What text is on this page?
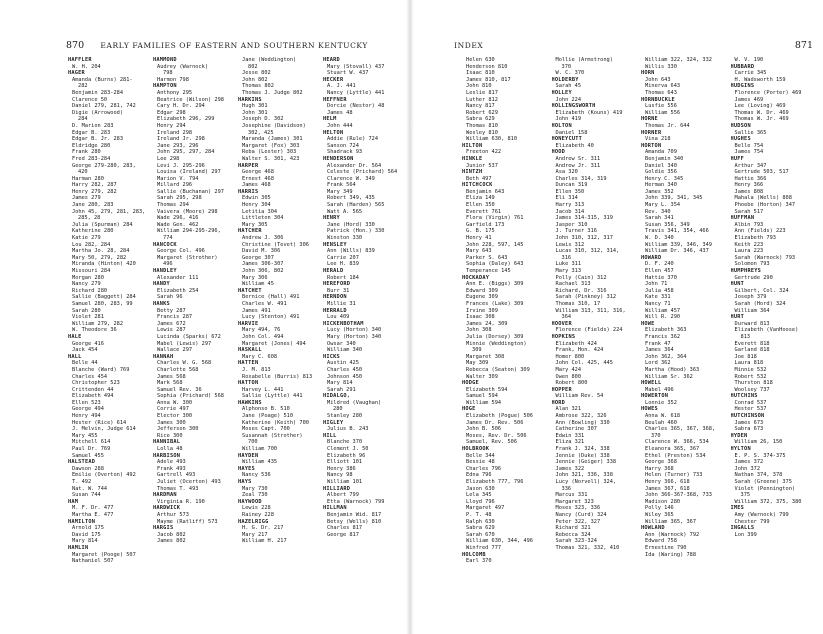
870 EARLY FAMILIES OF EASTERN AND SOUTHERN KENTUCKY
HAFFLER
W. H. 204
HAGER
Amanda (Burns) 281-
282
Benjamin 283-284
Clarence 50
Daniel 279, 281, 742
Digie (Arrowood)
284
D. Marion 283
Edgar B. 283
Edgar B. Jr. 283
Eldridge 280
Frank 280
Fred 283-284
George 279-280, 283,
420
Harman 280
Harry 282, 287
Henry 279, 282
James 279
Jane 280, 283
John 45, 279, 281, 283,
285, 28
Julia (Spurman) 284
Katherine 280
Katie 279
Lou 282, 284
Martha Jo. 28, 284
Mary 50, 279, 282
Miranda (Hinton) 420
Missouri 284
Morgan 280
Nancy 279
Richard 280
Sallie (Baggett) 284
Samuel 280, 283, 99
Sarah 280
Violet 281
William 279, 282
W. Theodore 36
HALE
George 416
Jack 454
HALL
Belle 44
Blanche (Ward) 769
Charles 454
Christopher 523
Crittenden 44
Elizabeth 494
Ellen 523
George 494
Henry 494
Hester (Rice) 614
J. Melvin, Judge 614
Mary 455
Mitchell 614
Paul Dr. 769
Samuel 455
HALSTEAD
Dawson 288
Emilie (Overton) 492
T. 492
Nat. W. 744
Susan 744
HAM
M. F. Dr. 477
Martha E. 477
HAMILTON
Arnold 175
David 175
Mary 814
HAMLIN
Margaret (Pooge) 507
Nathaniel 507
HAMMOND
Audrey (Warnock)
798
Harmon 798
HAMPTON
Anthony 295
Beatrice (Wilson) 298
Cary H. Dr. 294
Edgar 298
Elizabeth 296, 299
Henry 294
Ireland 298
Ireland Jr. 298
Jane 293, 296
John 295, 297, 284
Lee 298
Levi J. 295-296
Louisa (Ireland) 297
Marion V. 794
Millard 296
Sallie (Buchanan) 297
Sarah 295, 298
Thomas 294
Vaivera (Moore) 298
Wade 296, 416
Wade Gen. 462
William 294-295-296,
774
HANCOCK
George Col. 496
Margaret (Strother)
496
HANDLEY
Alexander 111
HANDY
Elizabeth 254
Sarah 96
HANKS
Betty 287
Francis 287
James 672
Lewis 287
Lucinda (Sparks) 672
Mabel (Lewis) 297
Wallace 297
HANNAH
Charles W. G. 568
Charlotte 568
James 568
Mark 568
Samuel Rev. 36
Sophia (Prichard) 568
Anna W. 300
Corrie 497
Elector 300
James 300
Jefferson 300
Rice 300
HANNIBAL
Lolla 48
HARBISON
Adele 493
Frank 493
Gartrell 493
Juliet (Ocerton) 493
Thomas T. 493
HARDMAN
Virginia R. 190
HARDWICK
Arthur 573
Mayme (Ratliff) 573
HARGIS
Jacob 802
James 802
Jane (Weddington)
802
Jesse 802
John 802
Thomas 802
Thomas J. Judge 802
HARKINS
Hugh 301
John 301
Joseph D. 302
Josephine (Davidson)
302, 425
Maranda (James) 301
Margaret (Fox) 303
Reba (Lester) 303
Walter S. 301, 423
HARPER
George 468
Ernest 468
James 468
HARRIS
Edwin 305
Henry 304
Letitia 304
Littleton 304
Mary 305
HATCHER
Andrew J. 306
Christine (Tevet) 306
David M. 306
George 307
James 306-307
John 306, 802
Mary 306
William 45
HATCHET
Bernice (Hall) 491
Charles W. 491
James 491
Lucy (Stenton) 491
HARVIE
Mary 494, 76
John Col. 494
Margaret (Jones) 494
HASKALL
Mary C. 608
HATTEN
J. M. 813
Roxabelle (Burris) 813
HATTON
Harvey L. 441
Sallie (Lyttle) 441
HAWKINS
Alphonso B. 510
Jane (Poage) 510
Katherine (Keith) 700
Moses Capt. 700
Susannah (Strother)
700
William 700
HAYDEN
William 435
HAYES
Nancy 536
HAYS
Mary 730
Zeal 730
HAYWOOD
Lewis 228
Rainey 228
HAZELRIGG
H. G. Dr. 217
Mary 217
William H. 217
HEARD
Mary (Stovall) 437
Stuart W. 437
HECKER
A. J. 441
Nancy (Lyttle) 441
HEFFNER
Dorcie (Nestor) 48
James 48
HELM
John 444
HELTON
Addie (Rule) 724
Sanson 724
Shadrack 93
HENDERSON
Alexander Dr. 564
Celeste (Prichard) 564
Clarence W. 349
Frank 564
Mary 349
Robert 349, 435
Sarah (Harden) 565
Watt A. 565
HENRY
Jane (Hord) 330
Patrick (Hon.) 330
Winston 330
HENSLEY
Ann (Wills) 839
Carrie 207
Lee H. 839
HERALD
Robert 184
HEREFORD
Burr 31
HERNDON
Millie 31
HERRALD
Lou 409
HICKENBOTHAM
Lucy (Horton) 340
Mary (Horton) 340
Owsar 340
William 340
HICKS
Austin 425
Charles 450
Johnson 450
Mary 814
Sarah 291
HIDALGO,
Mildred (Vaughan)
280
Stanley 280
HIGLEY
Julius B. 243
HILL
Blanche 370
Clement J. 50
Elizabeth 96
Elliott 101
Henry 386
Nancy 98
William 101
HILLIARD
Albert 799
Etta (Warnock) 799
HILLMAN
Benjamin Wid. 817
Betsy (Wells) 810
Charles 817
George 817
INDEX	871
Helen 630
Henderson 810
Isaac 810
James 810, 817
John 810
Leslie 817
Luther 812
Nancy 817
Robert 629
Sabra 629
Thomas 810
Wesley 810
William 630, 810
HILTON
Freeton 422
HINKLE
Junior 537
HINTZH
Beth 497
HITCHCOCK
Benjamin 643
Eliza 149
Ellen 350
Everett 761
Flora (Virgin) 761
Garfield 173
G. B. 175
Henry 41
John 228, 597, 145
Mary 643
Parker S. 643
Sophia (Daley) 643
Temperance 145
HOCKADAY
Ann E. (Biggs) 309
Edward 309
Eugene 309
Frances (Lake) 309
Irvine 309
Isaac 308
James 24, 309
John 308
Julia (Dorsey) 309
Minnie (Weddington)
309
Margaret 308
May 309
Rebecca (Seaton) 309
Walter 309
HODGE
Elizabeth 594
Samuel 594
William 594
HOGE
Elizabeth (Pogue) 506
James Dr. Rev. 506
John B. 506
Moses, Rev. Dr. 506
Samuel, Rev. 506
HOLBROOK
Belle 344
Bessie 48
Charles 796
Edna 796
Elizabeth 777, 796
Jason 630
Lela 345
Lloyd 796
Margaret 497
P. T. 48
Ralph 630
Sabra 629
Sarah 670
William 630, 344, 496
Winfred 777
HOLCOMB
Earl 370
Mollie (Armstrong)
370
W. C. 370
HOLDERBY
Sarah 45
HOLLEY
John 224
HOLLINGSWORTH
Elizabeth (Kouns) 419
John 419
HOLTON
Daniel 158
HONEYCUTT
Elizabeth 40
HOOD
Andrew Sr. 311
Andrew Jr. 311
Asa 320
Charles 314, 319
Duncan 319
Ellen 350
Eli 314
Harry 313
Jacob 314
James 314-315, 319
Jasper 310
J. Turner 316
John 310, 312, 317
Lewis 312
Lucas 310, 312, 314,
316
Luke 311
Mary 313
Polly (Cain) 312
Rachael 313
Richard, Dr. 316
Sarah (Pinkney) 312
Thomas 310, 17
William 313, 311, 316,
364
HOOVER
Florence (Fields) 224
HOPKINS
Elizabeth 424
Frank, Hon. 424
Homer 800
John Col. 425, 445
Mary 424
Owen 800
Robert 800
HOPPER
William Rev. 54
HORD
Alan 321
Ambrose 322, 326
Ann (Bowling) 330
Catherine 307
Edwin 331
Eliza 321
Frank J. 324, 338
Jennie (Duke) 338
Jennie (Geiger) 338
James 322
John 321, 336, 338
Lucy (Norvell) 324,
336
Marcus 331
Margaret 323
Moses 323, 336
Nancy (Curd) 324
Peter 322, 327
Richard 321
Rebecca 324
Sarah 323-324
Thomas 321, 332, 410
William 322, 324, 332
Willis 330
HORN
John 643
Minerva 643
Thomas 643
HORNBUCKLE
Lusfie 556
William 556
HORNE
Thomas Jr. 644
HORNER
Vina 218
HORTON
Amanda 709
Benjamin 340
Daniel 340
Goldie 356
Henry C. 345
Herman 340
James 352
John 339, 341, 345
Mary L. 354
Rev. 340
Sarah 341
Susan 356, 349
Travis 341, 354, 466
W. D. 340
William 339, 346, 349
William Dr. 346, 437
HOWARD
D. F. 240
Ellen 457
Hattie 370
John 71
Julia 458
Kate 331
Nancy 71
William 457
Will R. 290
HOWE
Elizabeth 363
Francis 362
Frank 47
James 364
John 362, 364
Lord 362
Martha (Hood) 363
William Sr. 362
HOWELL
Mabel 496
HOWERTON
Lonnie 352
HOWES
Anna W. 618
Beulah 460
Charles 365, 367, 368,
370
Clarence W. 366, 534
Eleanora 365, 367
Ethel (Preston) 534
George 368
Harry 368
Helen (Turner) 733
Henry 366, 618
James 367, 618
John 366-367-368, 733
Madison 280
Polly 146
Wiley 365
William 365, 367
HOWLAND
Ann (Warnock) 792
Edward 758
Ernestine 790
Ida (Waring) 788
W. V. 190
HUBBARD
Carrie 345
H. Wadsworth 159
HUDGINS
Florence (Porter) 469
James 469
Lee (Loving) 469
Thomas W. Dr. 469
Thomas W. Jr. 469
HUDSON
Sallie 365
HUGHES
Belle 754
James 754
HUFF
Arthur 347
Gertrude 503, 517
Hattie 366
Henry 366
James 808
Mahala (Wells) 808
Phoebe (Horton) 347
Sarah 517
HUFFMAN
Albin 793
Ann (Fields) 223
Elizabeth 793
Keith 223
Laura 223
Sarah (Warnock) 793
Solomon 793
HUMPHREYS
Gertrude 290
HUNT
Gilbert, Col. 324
Joseph 379
Sarah (Hord) 324
William 364
HURT
Durward 813
Elizabeth (VanHoose)
813
Everett 818
Garland 818
Joe 818
Laura 818
Minnie 532
Robert 532
Thurston 818
Woolsey 737
HUTCHINS
Conrad 537
Hester 537
HUTCHINSON
James 673
Sabra 673
HYDEN
William 26, 150
HYLTON
E. P. S. 374-375
James 372
John 372
Nathan 374, 378
Sarah (Greene) 375
Violet (Pennington)
375
William 372, 375, 380
IMES
Amy (Warnock) 799
Chester 799
INGALLS
Lon 399
